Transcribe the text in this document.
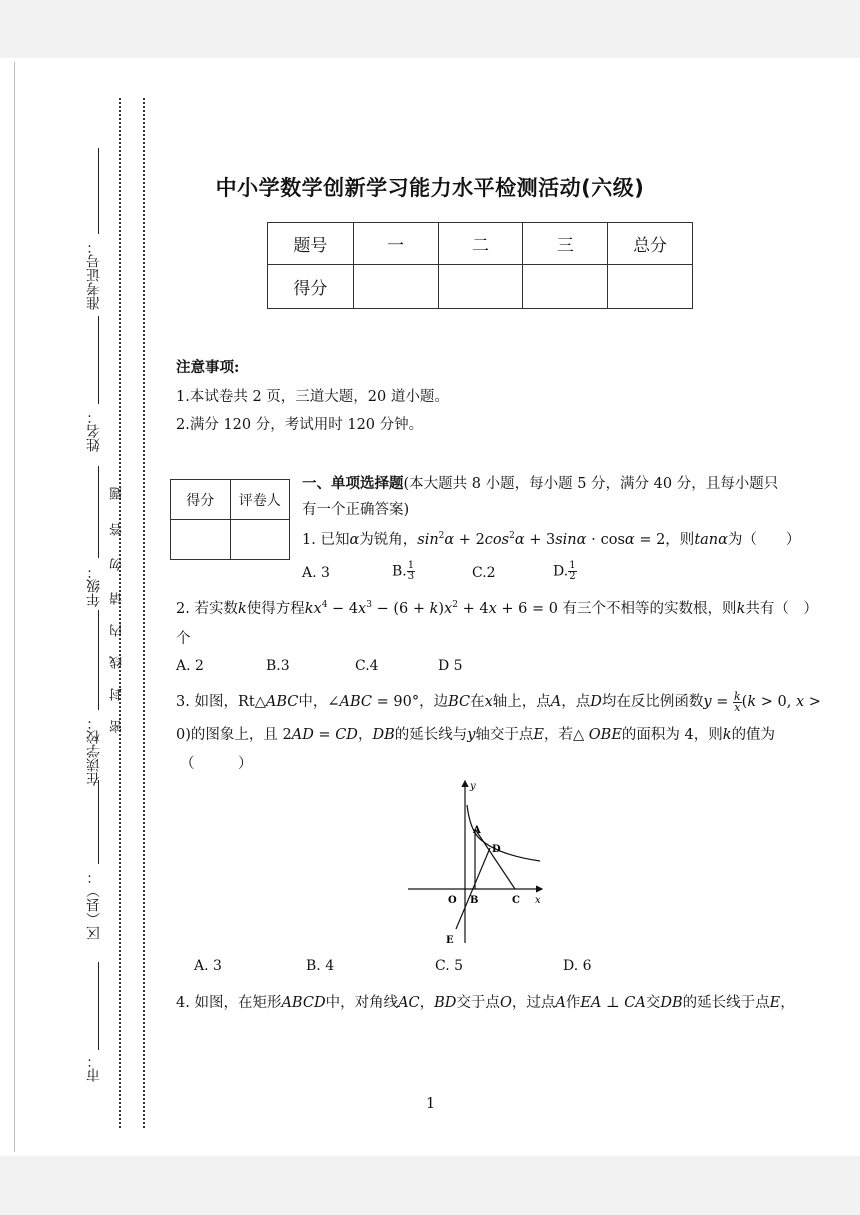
准考证号：
姓名：
年级：
在读学校：
区（县）：
市：
题
答
勿
请
内
线
封
密
中小学数学创新学习能力水平检测活动(六级)
题号	一	二	三	总分
得分				
注意事项:
1.本试卷共 2 页，三道大题，20 道小题。
2.满分 120 分，考试用时 120 分钟。
得分	评卷人

一、单项选择题(本大题共 8 小题，每小题 5 分，满分 40 分，且每小题只
有一个正确答案)
1. 已知α为锐角，$\sin^2\alpha + 2\cos^2\alpha + 3\sin\alpha \cdot \cos\alpha = 2$，则tanα为（　　）
A. 3	B. $\frac{1}{3}$	C.2	D. $\frac{1}{2}$
2. 若实数k使得方程$kx^4 - 4x^3 - (6 + k)x^2 + 4x + 6 = 0$ 有三个不相等的实数根，则k共有（　）
个
A. 2	B.3	C.4	D 5
3. 如图，Rt△ABC中，∠ABC = 90°，边BC在x轴上，点A，点D均在反比例函数$y = \frac{k}{x} (k > 0$, x >
0)的图象上，且 2AD = CD，DB的延长线与y轴交于点E，若△ OBE的面积为 4，则k的值为
（　　　）
y
x
O
A
B	C
D
E
A. 3	B. 4	C. 5	D. 6
4. 如图，在矩形ABCD中，对角线AC，BD交于点O，过点A作EA ⊥ CA交DB的延长线于点E，
1
